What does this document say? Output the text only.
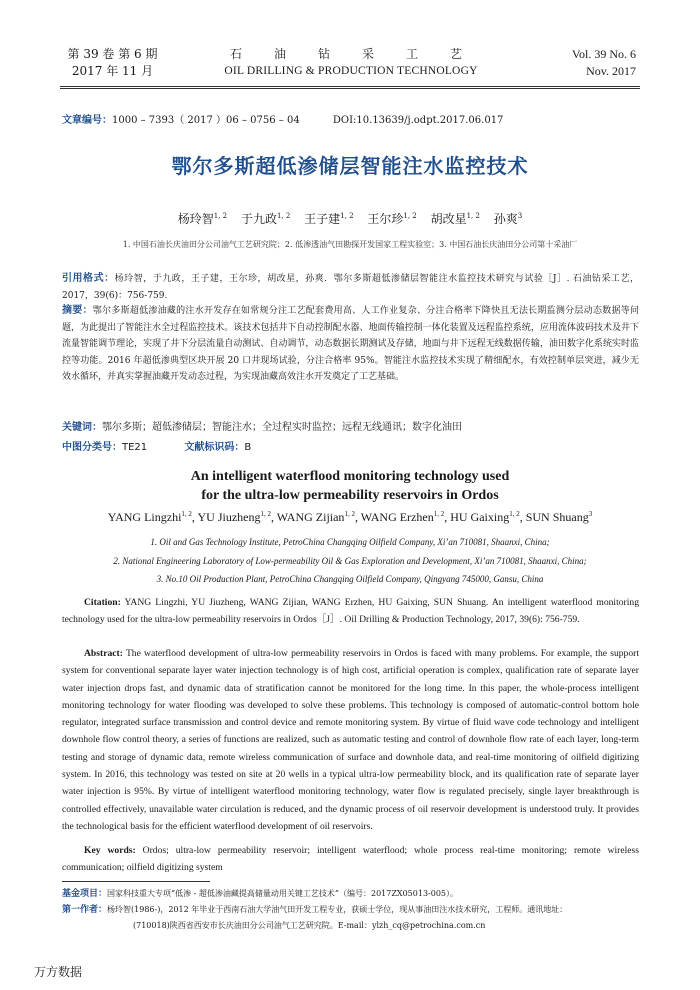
第 39 卷 第 6 期
2017 年 11 月
石　油　钻　采　工　艺
OIL DRILLING & PRODUCTION TECHNOLOGY
Vol. 39 No. 6
Nov. 2017
文章编号：1000 – 7393（ 2017 ）06 – 0756 – 04	DOI:10.13639/j.odpt.2017.06.017
鄂尔多斯超低渗储层智能注水监控技术
杨玲智$^{1, 2}$ 于九政$^{1, 2}$ 王子建$^{1, 2}$ 王尔珍$^{1, 2}$ 胡改星$^{1, 2}$ 孙爽$^3$
1. 中国石油长庆油田分公司油气工艺研究院；2. 低渗透油气田勘探开发国家工程实验室；3. 中国石油长庆油田分公司第十采油厂
引用格式：杨玲智，于九政，王子建，王尔珍，胡改星，孙爽．鄂尔多斯超低渗储层智能注水监控技术研究与试验［J］. 石油钻采工艺，2017，39(6)：756-759.
摘要：鄂尔多斯超低渗油藏的注水开发存在如常规分注工艺配套费用高、人工作业复杂、分注合格率下降快且无法长期监测分层动态数据等问题，为此提出了智能注水全过程监控技术。该技术包括井下自动控制配水器、地面传输控制一体化装置及远程监控系统，应用流体波码技术及井下流量智能调节理论，实现了井下分层流量自动测试、自动调节，动态数据长期测试及存储，地面与井下远程无线数据传输，油田数字化系统实时监控等功能。2016 年超低渗典型区块开展 20 口井现场试验，分注合格率 95%。智能注水监控技术实现了精细配水，有效控制单层突进，减少无效水循环，并真实掌握油藏开发动态过程，为实现油藏高效注水开发奠定了工艺基础。
关键词：鄂尔多斯；超低渗储层；智能注水；全过程实时监控；远程无线通讯；数字化油田
中图分类号：TE21	文献标识码：B
An intelligent waterflood monitoring technology used
for the ultra-low permeability reservoirs in Ordos
YANG Lingzhi$^{1, 2}$, YU Jiuzheng$^{1, 2}$, WANG Zijian$^{1, 2}$, WANG Erzhen$^{1, 2}$, HU Gaixing$^{1, 2}$, SUN Shuang$^3$
1. Oil and Gas Technology Institute, PetroChina Changqing Oilfield Company, Xi’an 710081, Shaanxi, China;
2. National Engineering Laboratory of Low-permeability Oil & Gas Exploration and Development, Xi’an 710081, Shaanxi, China;
3. No.10 Oil Production Plant, PetroChina Changqing Oilfield Company, Qingyang 745000, Gansu, China
Citation: YANG Lingzhi, YU Jiuzheng, WANG Zijian, WANG Erzhen, HU Gaixing, SUN Shuang. An intelligent waterflood monitoring technology used for the ultra-low permeability reservoirs in Ordos［J］. Oil Drilling & Production Technology, 2017, 39(6): 756-759.
Abstract: The waterflood development of ultra-low permeability reservoirs in Ordos is faced with many problems. For example, the support system for conventional separate layer water injection technology is of high cost, artificial operation is complex, qualification rate of separate layer water injection drops fast, and dynamic data of stratification cannot be monitored for the long time. In this paper, the whole-process intelligent monitoring technology for water flooding was developed to solve these problems. This technology is composed of automatic-control bottom hole regulator, integrated surface transmission and control device and remote monitoring system. By virtue of fluid wave code technology and intelligent downhole flow control theory, a series of functions are realized, such as automatic testing and control of downhole flow rate of each layer, long-term testing and storage of dynamic data, remote wireless communication of surface and downhole data, and real-time monitoring of oilfield digitizing system. In 2016, this technology was tested on site at 20 wells in a typical ultra-low permeability block, and its qualification rate of separate layer water injection is 95%. By virtue of intelligent waterflood monitoring technology, water flow is regulated precisely, single layer breakthrough is controlled effectively, unavailable water circulation is reduced, and the dynamic process of oil reservoir development is understood truly. It provides the technological basis for the efficient waterflood development of oil reservoirs.
Key words: Ordos; ultra-low permeability reservoir; intelligent waterflood; whole process real-time monitoring; remote wireless communication; oilfield digitizing system
基金项目：国家科技重大专项“低渗 - 超低渗油藏提高储量动用关键工艺技术”（编号：2017ZX05013-005）。
第一作者：杨玲智(1986-)，2012 年毕业于西南石油大学油气田开发工程专业，获硕士学位，现从事油田注水技术研究，工程师。通讯地址：
(710018)陕西省西安市长庆油田分公司油气工艺研究院。E-mail：ylzh_cq@petrochina.com.cn
万方数据
